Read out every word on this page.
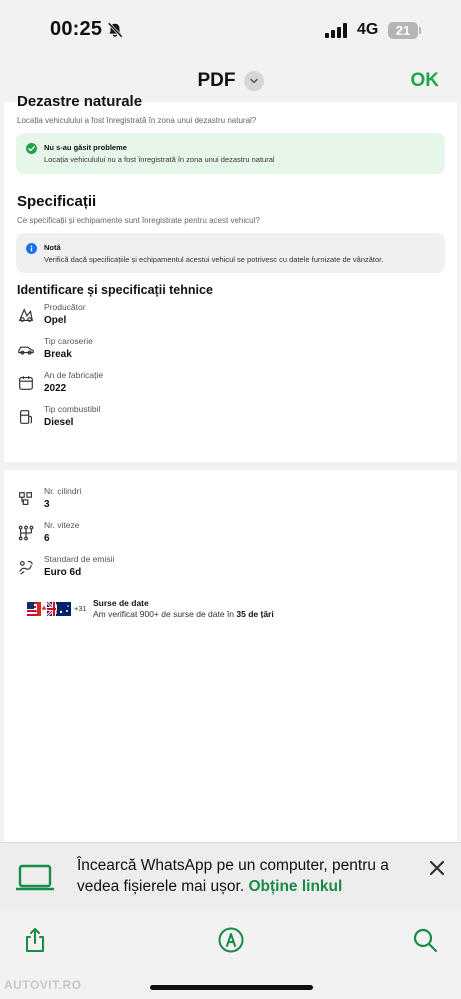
00:25	4G	21
PDF	OK
Dezastre naturale
Locația vehiculului a fost înregistrată în zona unui dezastru natural?
Nu s-au găsit probleme
Locația vehiculului nu a fost înregistrată în zona unui dezastru natural
Specificații
Ce specificații și echipamente sunt înregistrate pentru acest vehicul?
Notă
Verifică dacă specificațiile și echipamentul acestui vehicul se potrivesc cu datele furnizate de vânzător.
Identificare și specificații tehnice
Producător
Opel
Tip caroserie
Break
An de fabricație
2022
Tip combustibil
Diesel
Nr. cilindri
3
Nr. viteze
6
Standard de emisii
Euro 6d
+31
Surse de date
Am verificat 900+ de surse de date în 35 de țări
Încearcă WhatsApp pe un computer, pentru a vedea fișierele mai ușor. Obține linkul
AUTOVIT.RO
